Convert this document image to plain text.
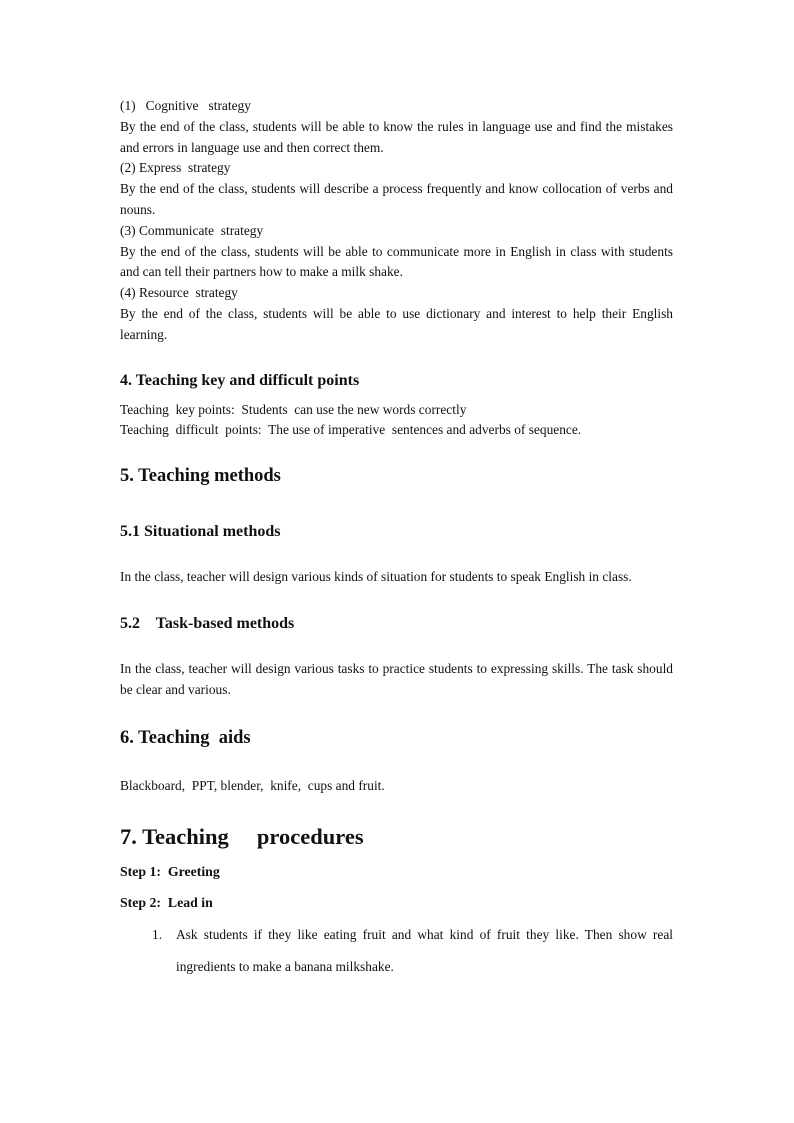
(1)   Cognitive   strategy

By the end of the class, students will be able to know the rules in language use and find the mistakes and errors in language use and then correct them.

(2) Express  strategy

By the end of the class, students will describe a process frequently and know collocation of verbs and nouns.

(3) Communicate  strategy

By the end of the class, students will be able to communicate more in English in class with students and can tell their partners how to make a milk shake.

(4) Resource  strategy

By the end of the class, students will be able to use dictionary and interest to help their English learning.

4. Teaching key and difficult points

Teaching  key points:  Students  can use the new words correctly

Teaching  difficult  points:  The use of imperative  sentences and adverbs of sequence.

5. Teaching methods
5.1 Situational methods

In the class, teacher will design various kinds of situation for students to speak English in class.

5.2    Task-based methods

In the class, teacher will design various tasks to practice students to expressing skills. The task should be clear and various.

6. Teaching  aids

Blackboard,  PPT, blender,  knife,  cups and fruit.

7. Teaching     procedures

Step 1:  Greeting

Step 2:  Lead in

1. Ask students if they like eating fruit and what kind of fruit they like. Then show real ingredients to make a banana milkshake.
